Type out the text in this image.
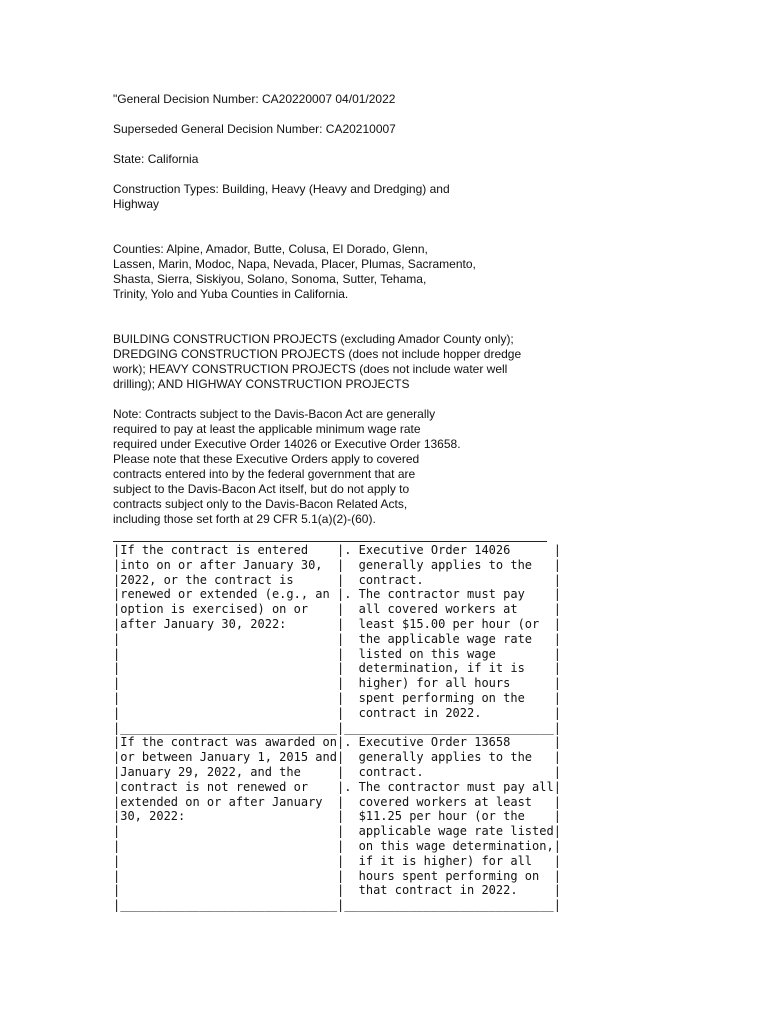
"General Decision Number: CA20220007 04/01/2022

Superseded General Decision Number: CA20210007

State: California

Construction Types: Building, Heavy (Heavy and Dredging) and
Highway

Counties: Alpine, Amador, Butte, Colusa, El Dorado, Glenn,
Lassen, Marin, Modoc, Napa, Nevada, Placer, Plumas, Sacramento,
Shasta, Sierra, Siskiyou, Solano, Sonoma, Sutter, Tehama,
Trinity, Yolo and Yuba Counties in California.

BUILDING CONSTRUCTION PROJECTS (excluding Amador County only);
DREDGING CONSTRUCTION PROJECTS (does not include hopper dredge
work); HEAVY CONSTRUCTION PROJECTS (does not include water well
drilling); AND HIGHWAY CONSTRUCTION PROJECTS

Note: Contracts subject to the Davis-Bacon Act are generally
required to pay at least the applicable minimum wage rate
required under Executive Order 14026 or Executive Order 13658.
Please note that these Executive Orders apply to covered
contracts entered into by the federal government that are
subject to the Davis-Bacon Act itself, but do not apply to
contracts subject only to the Davis-Bacon Related Acts,
including those set forth at 29 CFR 5.1(a)(2)-(60).

|If the contract is entered    |. Executive Order 14026      |
|into on or after January 30,  |  generally applies to the   |
|2022, or the contract is      |  contract.                  |
|renewed or extended (e.g., an |. The contractor must pay    |
|option is exercised) on or    |  all covered workers at     |
|after January 30, 2022:       |  least $15.00 per hour (or  |
|                              |  the applicable wage rate   |
|                              |  listed on this wage        |
|                              |  determination, if it is    |
|                              |  higher) for all hours      |
|                              |  spent performing on the    |
|                              |  contract in 2022.          |
|______________________________|_____________________________|
|If the contract was awarded on|. Executive Order 13658      |
|or between January 1, 2015 and|  generally applies to the   |
|January 29, 2022, and the     |  contract.                  |
|contract is not renewed or    |. The contractor must pay all|
|extended on or after January  |  covered workers at least   |
|30, 2022:                     |  $11.25 per hour (or the    |
|                              |  applicable wage rate listed|
|                              |  on this wage determination,|
|                              |  if it is higher) for all   |
|                              |  hours spent performing on  |
|                              |  that contract in 2022.     |
|______________________________|_____________________________|
